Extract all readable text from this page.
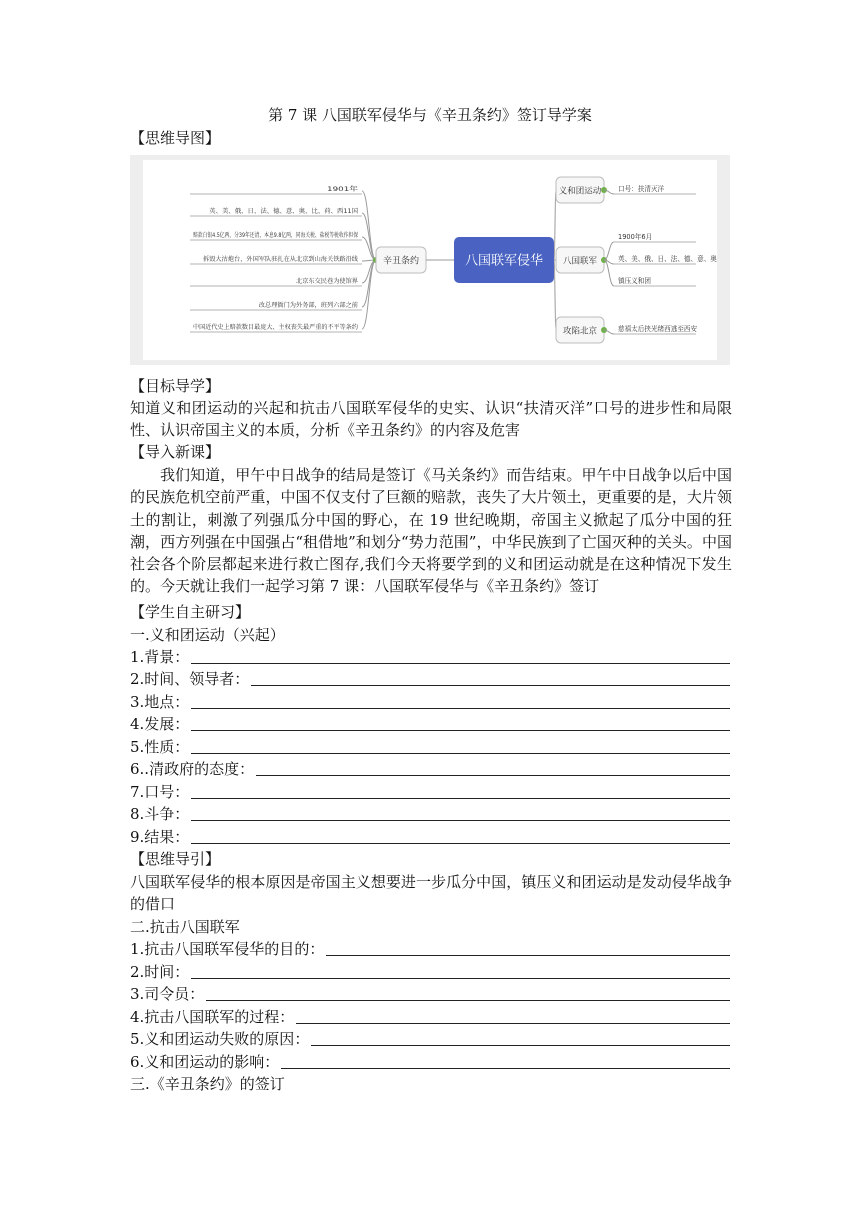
第 7 课 八国联军侵华与《辛丑条约》签订导学案
【思维导图】
1901年
英、美、俄、日、法、德、意、奥、比、荷、西11国
赔款白银4.5亿两，分39年还清，本息9.8亿两，同海关税、盐税等税收作担保
拆毁大沽炮台，外国军队驻扎在从北京到山海关铁路沿线
北京东交民巷为使馆界
改总理衙门为外务部，班列六部之前
中国近代史上赔款数目最庞大、主权丧失最严重的不平等条约
辛丑条约	八国联军侵华
义和团运动	口号：扶清灭洋
八国联军
1900年6月
英、美、俄、日、法、德、意、奥
镇压义和团
攻陷北京	慈禧太后挟光绪西逃至西安
【目标导学】
知道义和团运动的兴起和抗击八国联军侵华的史实、认识“扶清灭洋”口号的进步性和局限性、认识帝国主义的本质，分析《辛丑条约》的内容及危害
【导入新课】
我们知道，甲午中日战争的结局是签订《马关条约》而告结束。甲午中日战争以后中国的民族危机空前严重，中国不仅支付了巨额的赔款，丧失了大片领土，更重要的是，大片领土的割让，刺激了列强瓜分中国的野心，在 19 世纪晚期，帝国主义掀起了瓜分中国的狂潮，西方列强在中国强占“租借地”和划分“势力范围”，中华民族到了亡国灭种的关头。中国社会各个阶层都起来进行救亡图存,我们今天将要学到的义和团运动就是在这种情况下发生的。今天就让我们一起学习第 7 课：八国联军侵华与《辛丑条约》签订
【学生自主研习】
一.义和团运动（兴起）
1.背景：
2.时间、领导者：
3.地点：
4.发展：
5.性质：
6..清政府的态度：
7.口号：
8.斗争：
9.结果：
【思维导引】
八国联军侵华的根本原因是帝国主义想要进一步瓜分中国，镇压义和团运动是发动侵华战争的借口
二.抗击八国联军
1.抗击八国联军侵华的目的：
2.时间：
3.司令员：
4.抗击八国联军的过程：
5.义和团运动失败的原因：
6.义和团运动的影响：
三.《辛丑条约》的签订
